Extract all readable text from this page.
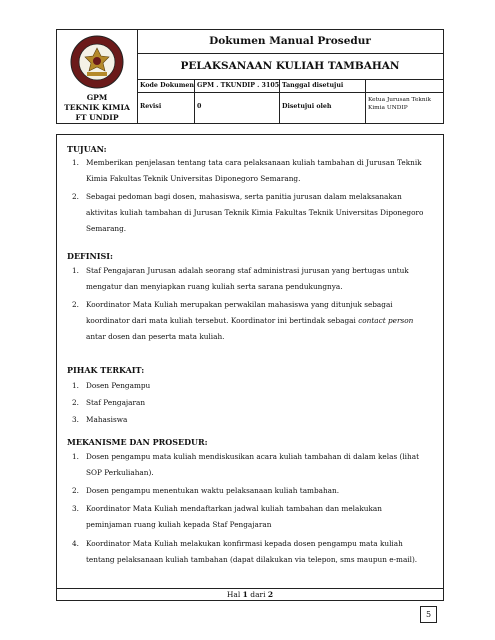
GPM
TEKNIK KIMIA
FT UNDIP
Dokumen Manual Prosedur
PELAKSANAAN KULIAH TAMBAHAN
Kode Dokumen GPM . TKUNDIP . 3105 Tanggal disetujui
Revisi	0	Disetujui oleh
Ketua Jurusan Teknik Kimia UNDIP
TUJUAN:
1. Memberikan penjelasan tentang tata cara pelaksanaan kuliah tambahan di Jurusan Teknik
Kimia Fakultas Teknik Universitas Diponegoro Semarang.
2. Sebagai pedoman bagi dosen, mahasiswa, serta panitia jurusan dalam melaksanakan
aktivitas kuliah tambahan di Jurusan Teknik Kimia Fakultas Teknik Universitas Diponegoro
Semarang.
DEFINISI:
1. Staf Pengajaran Jurusan adalah seorang staf administrasi jurusan yang bertugas untuk
mengatur dan menyiapkan ruang kuliah serta sarana pendukungnya.
2. Koordinator Mata Kuliah merupakan perwakilan mahasiswa yang ditunjuk sebagai
koordinator dari mata kuliah tersebut. Koordinator ini bertindak sebagai contact person
antar dosen dan peserta mata kuliah.
PIHAK TERKAIT:
1. Dosen Pengampu
2. Staf Pengajaran
3. Mahasiswa
MEKANISME DAN PROSEDUR:
1. Dosen pengampu mata kuliah mendiskusikan acara kuliah tambahan di dalam kelas (lihat
SOP Perkuliahan).
2. Dosen pengampu menentukan waktu pelaksanaan kuliah tambahan.
3. Koordinator Mata Kuliah mendaftarkan jadwal kuliah tambahan dan melakukan
peminjaman ruang kuliah kepada Staf Pengajaran
4. Koordinator Mata Kuliah melakukan konfirmasi kepada dosen pengampu mata kuliah
tentang pelaksanaan kuliah tambahan (dapat dilakukan via telepon, sms maupun e-mail).
Hal 1 dari 2
5
